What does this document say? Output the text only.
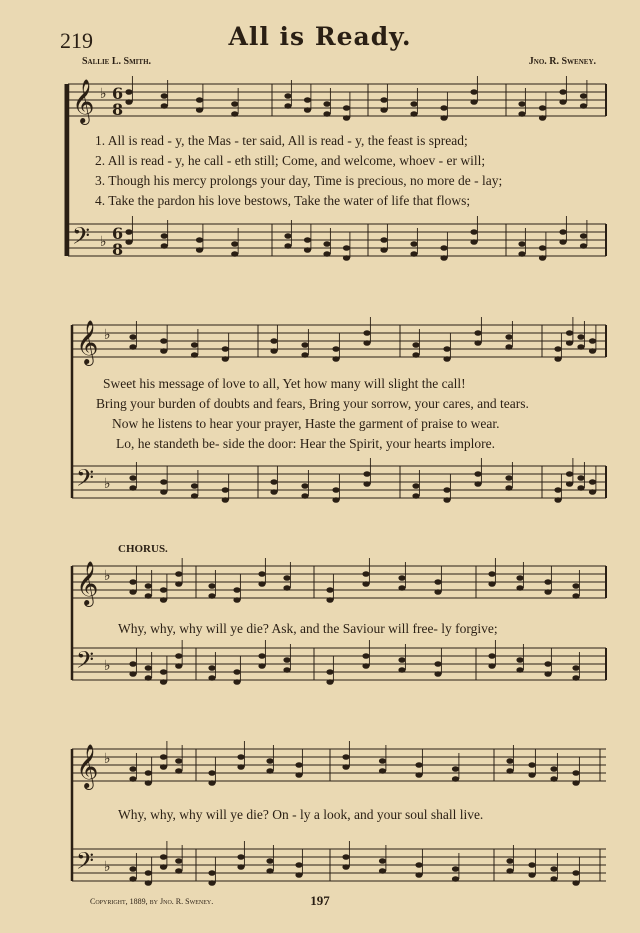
219	All is Ready.
Sallie L. Smith.	Jno. R. Sweney.
𝄞 ♭
𝄢 ♭
𝄞 ♭
𝄢 ♭
𝄞 ♭
𝄢 ♭
𝄞 ♭
𝄢 ♭
6
8
6
8
1. All is read - y, the Mas - ter said, All is read - y, the feast is spread;
2. All is read - y, he call - eth still; Come, and welcome, whoev - er will;
3. Though his mercy prolongs your day, Time is precious, no more de - lay;
4. Take the pardon his love bestows, Take the water of life that flows;
Sweet his message of love to all, Yet how many will slight the call!
Bring your burden of doubts and fears, Bring your sorrow, your cares, and tears.
Now he listens to hear your prayer, Haste the garment of praise to wear.
Lo, he standeth be- side the door: Hear the Spirit, your hearts implore.
CHORUS.
Why, why, why will ye die? Ask, and the Saviour will free- ly forgive;
Why, why, why will ye die? On - ly a look, and your soul shall live.
Copyright, 1889, by Jno. R. Sweney.	197
